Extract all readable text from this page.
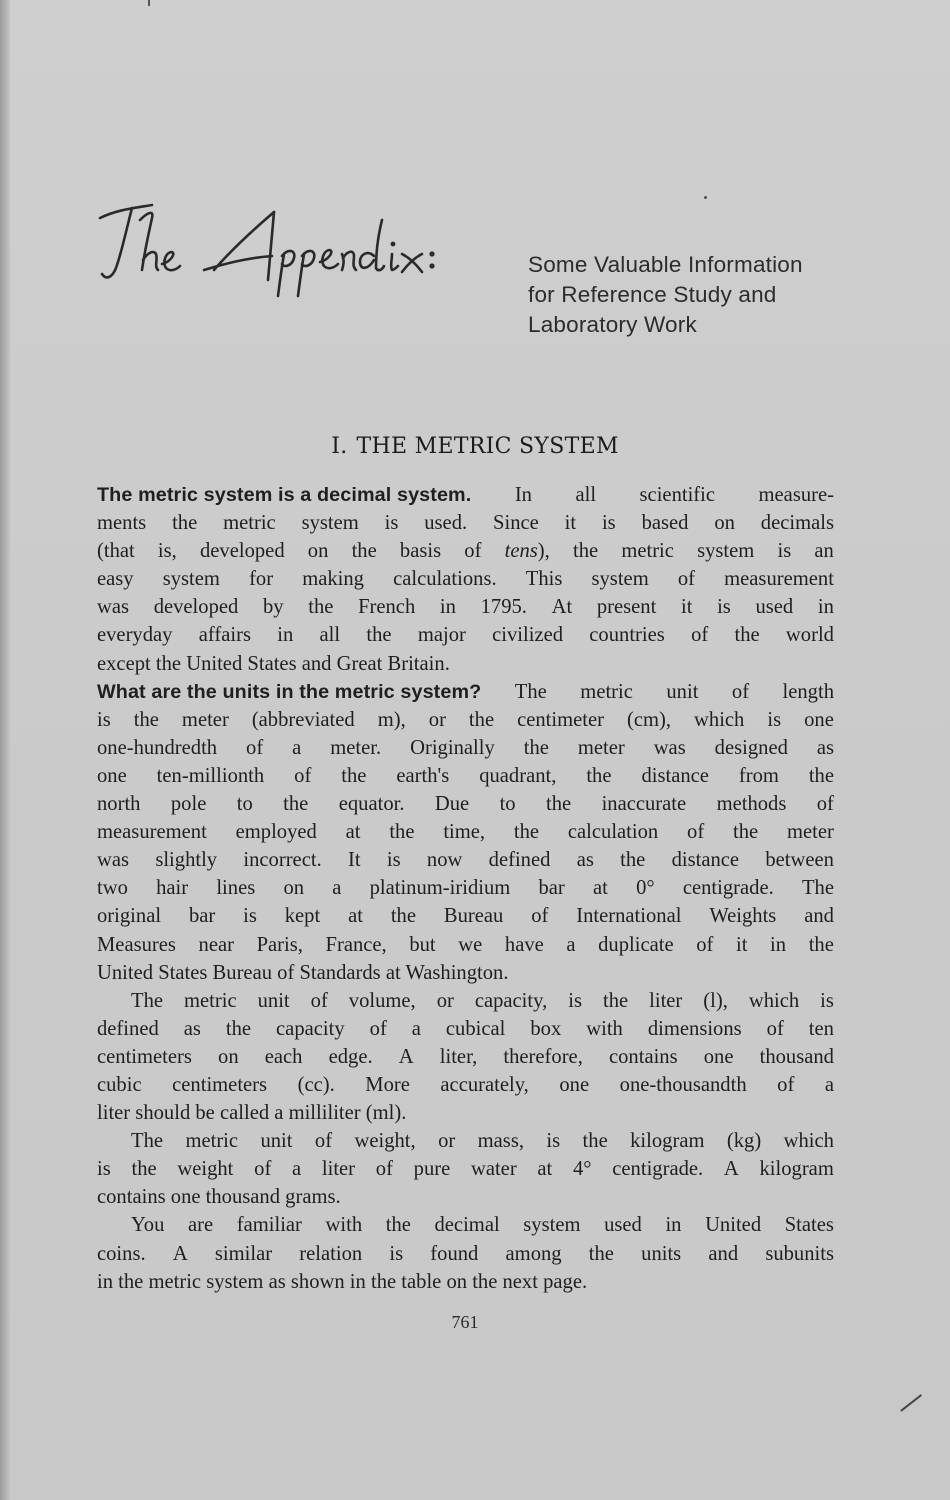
Some Valuable Information
for Reference Study and
Laboratory Work
I. THE METRIC SYSTEM
The metric system is a decimal system. In all scientific measure-
ments the metric system is used. Since it is based on decimals
(that is, developed on the basis of tens), the metric system is an
easy system for making calculations. This system of measurement
was developed by the French in 1795. At present it is used in
everyday affairs in all the major civilized countries of the world
except the United States and Great Britain.
What are the units in the metric system? The metric unit of length
is the meter (abbreviated m), or the centimeter (cm), which is one
one-hundredth of a meter. Originally the meter was designed as
one ten-millionth of the earth's quadrant, the distance from the
north pole to the equator. Due to the inaccurate methods of
measurement employed at the time, the calculation of the meter
was slightly incorrect. It is now defined as the distance between
two hair lines on a platinum-iridium bar at 0° centigrade. The
original bar is kept at the Bureau of International Weights and
Measures near Paris, France, but we have a duplicate of it in the
United States Bureau of Standards at Washington.
The metric unit of volume, or capacity, is the liter (l), which is
defined as the capacity of a cubical box with dimensions of ten
centimeters on each edge. A liter, therefore, contains one thousand
cubic centimeters (cc). More accurately, one one-thousandth of a
liter should be called a milliliter (ml).
The metric unit of weight, or mass, is the kilogram (kg) which
is the weight of a liter of pure water at 4° centigrade. A kilogram
contains one thousand grams.
You are familiar with the decimal system used in United States
coins. A similar relation is found among the units and subunits
in the metric system as shown in the table on the next page.
761
